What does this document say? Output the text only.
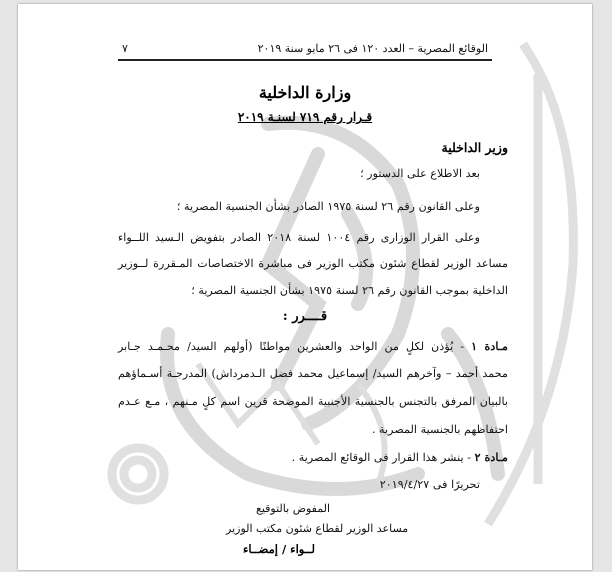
الوقائع المصرية – العدد ١٢٠ فى ٢٦ مايو سنة ٢٠١٩
٧
وزارة الداخلية
قـرار رقم ٧١٩ لسنـة ٢٠١٩
وزير الداخلية
بعد الاطلاع على الدستور ؛
وعلى القانون رقم ٢٦ لسنة ١٩٧٥ الصادر بشأن الجنسية المصرية ؛
وعلى القرار الوزارى رقم ١٠٠٤ لسنة ٢٠١٨ الصادر بتفويض الـسيد اللــواء
مساعد الوزير لقطاع شئون مكتب الوزير فى مباشرة الاختصاصات المـقررة لــوزير
الداخلية بموجب القانون رقم ٢٦ لسنة ١٩٧٥ بشأن الجنسية المصرية ؛
قــــرر :
مـادة ١ - يُؤذن لكلٍ من الواحد والعشرين مواطنًا (أولهم السيد/ محـمـد جـابر
محمد أحمد – وآخرهم السيد/ إسماعيل محمد فضل الـدمرداش) المدرجـة أسـماؤهم
بالبيان المرفق بالتجنس بالجنسية الأجنبية الموضحة قرين اسم كلٍ مـنهم ، مـع عـدم
احتفاظهم بالجنسية المصرية .
مـادة ٢ - ينشر هذا القرار فى الوقائع المصرية .
تحريرًا فى ٢٠١٩/٤/٢٧
المفوض بالتوقيع
مساعد الوزير لقطاع شئون مكتب الوزير
لــواء / إمضــاء
